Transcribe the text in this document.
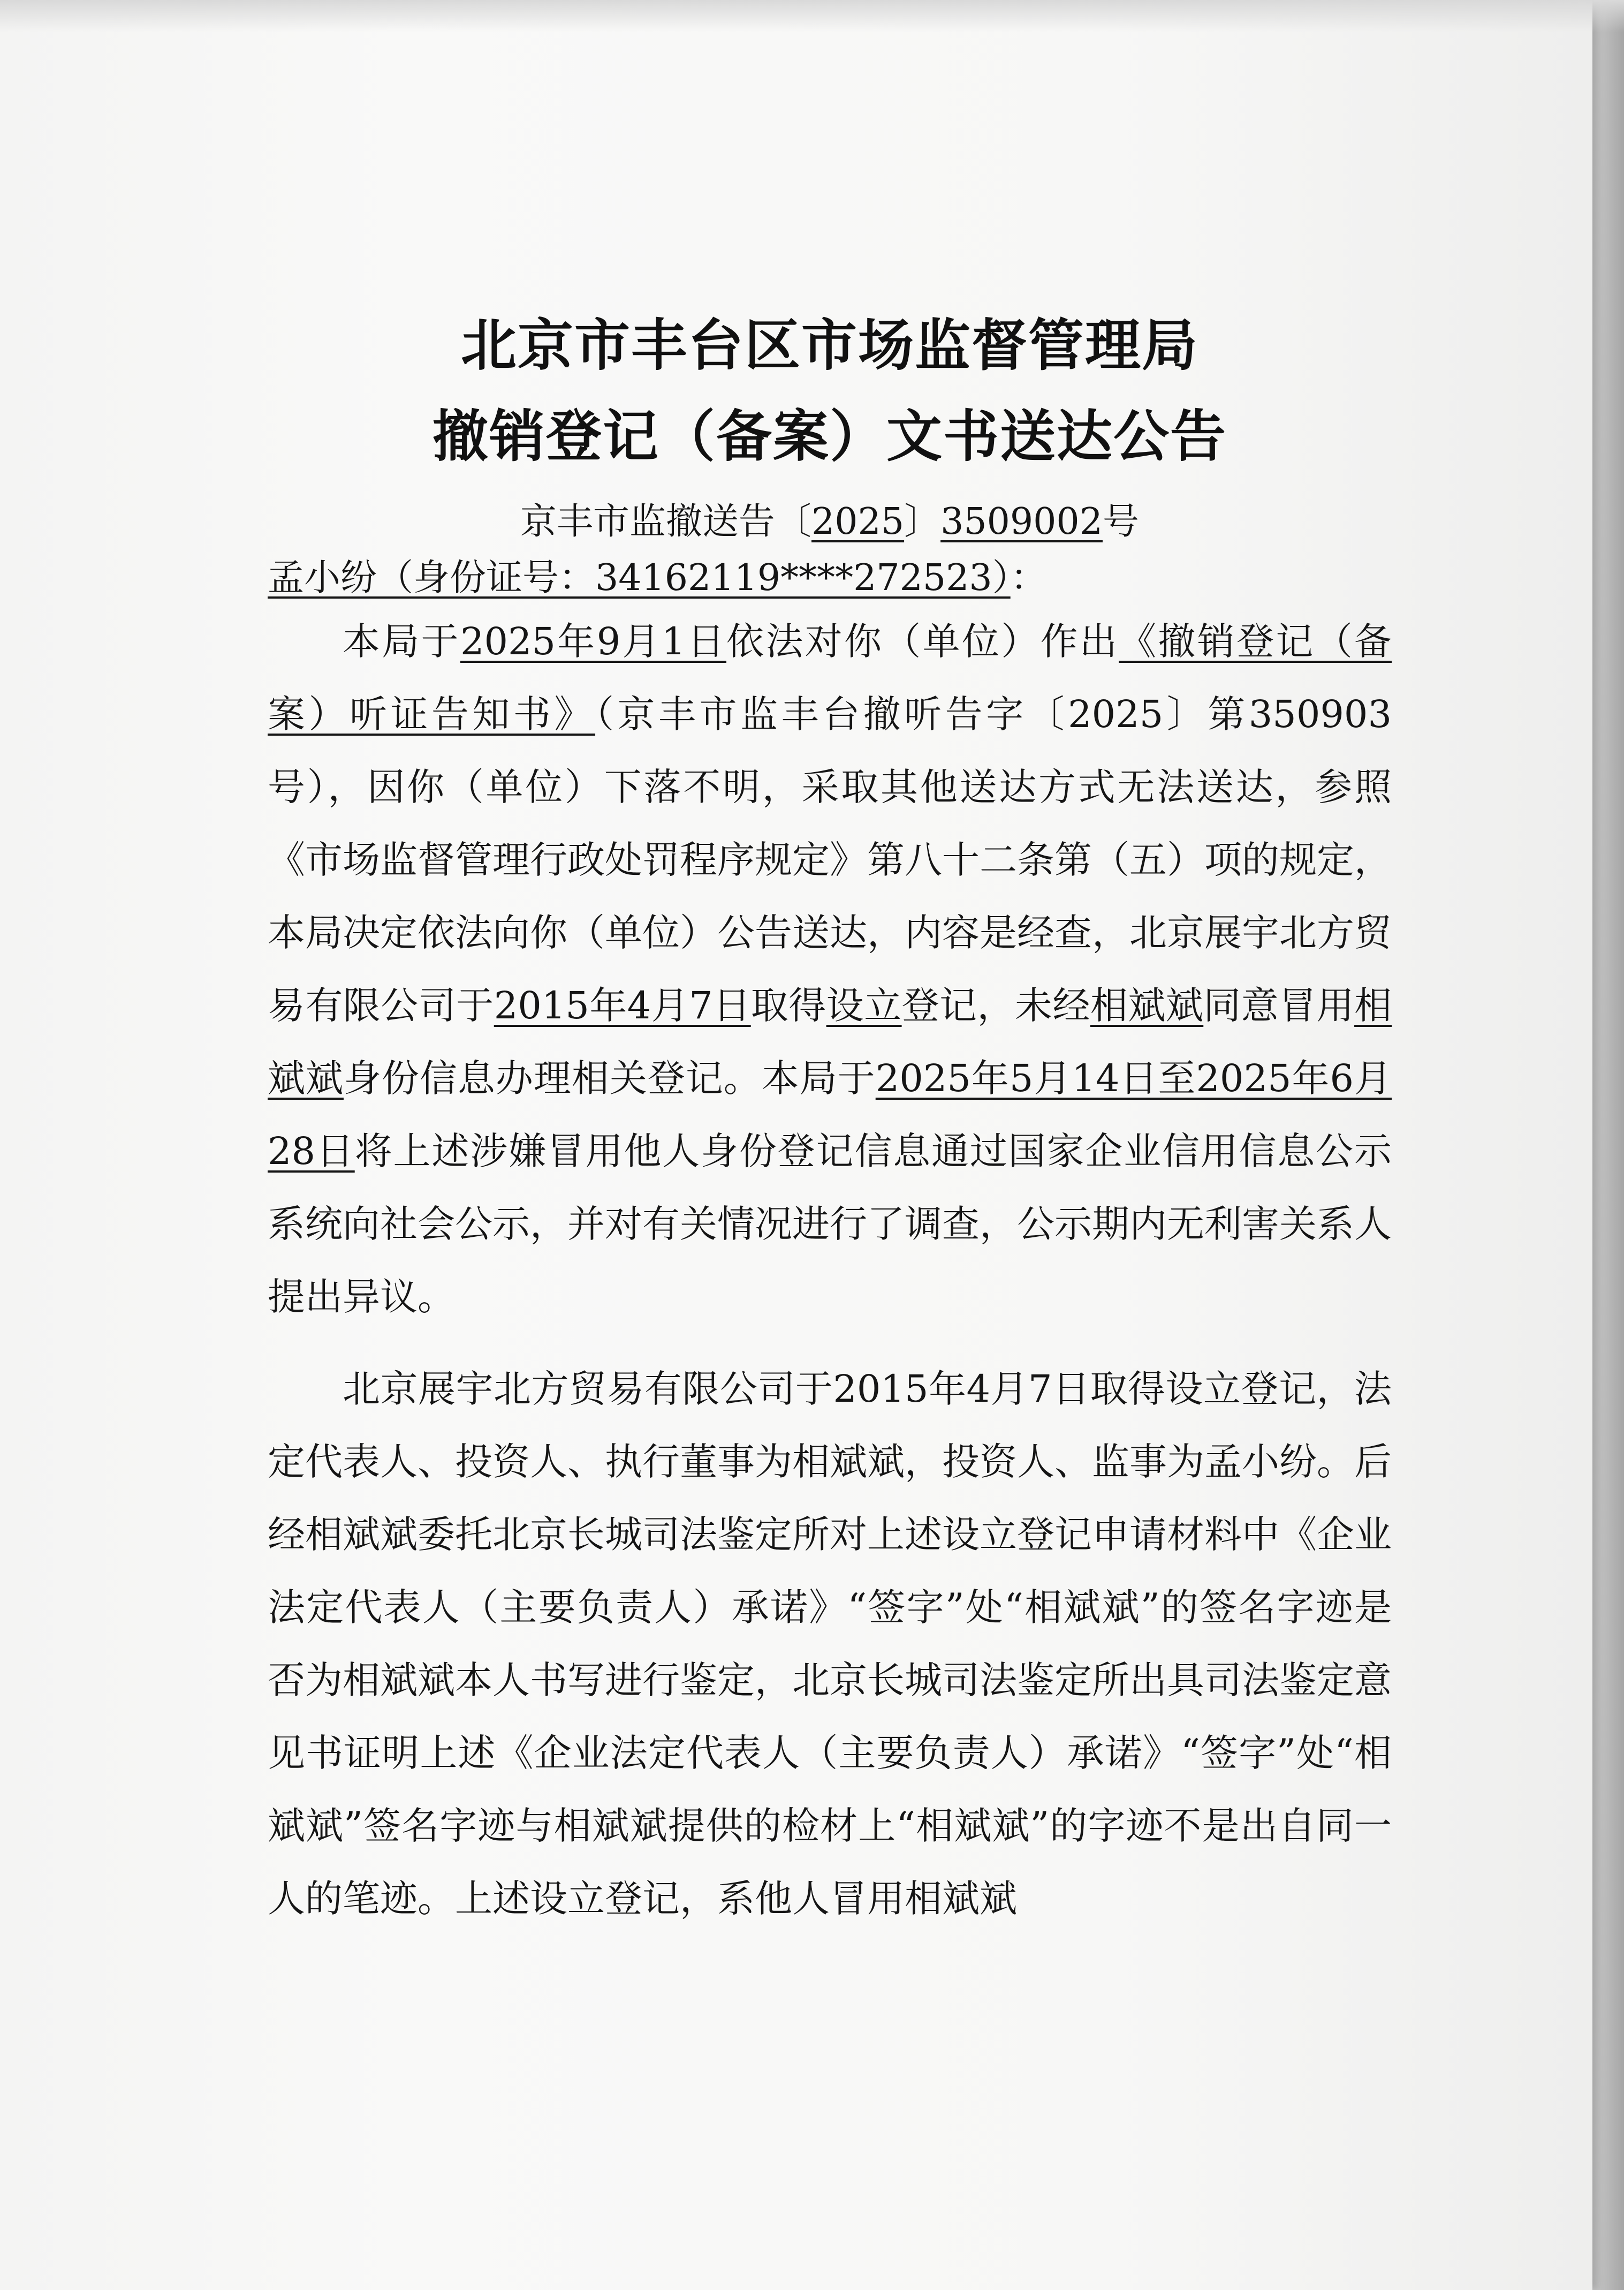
北京市丰台区市场监督管理局
撤销登记（备案）文书送达公告
京丰市监撤送告〔2025〕3509002号
孟小纷（身份证号：34162119****272523）：

本局于2025年9月1日依法对你（单位）作出《撤销登记（备案）听证告知书》（京丰市监丰台撤听告字〔2025〕第350903号），因你（单位）下落不明，采取其他送达方式无法送达，参照《市场监督管理行政处罚程序规定》第八十二条第（五）项的规定，本局决定依法向你（单位）公告送达，内容是经查，北京展宇北方贸易有限公司于2015年4月7日取得设立登记，未经相斌斌同意冒用相斌斌身份信息办理相关登记。本局于2025年5月14日至2025年6月28日将上述涉嫌冒用他人身份登记信息通过国家企业信用信息公示系统向社会公示，并对有关情况进行了调查，公示期内无利害关系人提出异议。

北京展宇北方贸易有限公司于2015年4月7日取得设立登记，法定代表人、投资人、执行董事为相斌斌，投资人、监事为孟小纷。后经相斌斌委托北京长城司法鉴定所对上述设立登记申请材料中《企业法定代表人（主要负责人）承诺》“签字”处“相斌斌”的签名字迹是否为相斌斌本人书写进行鉴定，北京长城司法鉴定所出具司法鉴定意见书证明上述《企业法定代表人（主要负责人）承诺》“签字”处“相斌斌”签名字迹与相斌斌提供的检材上“相斌斌”的字迹不是出自同一人的笔迹。上述设立登记，系他人冒用相斌斌
